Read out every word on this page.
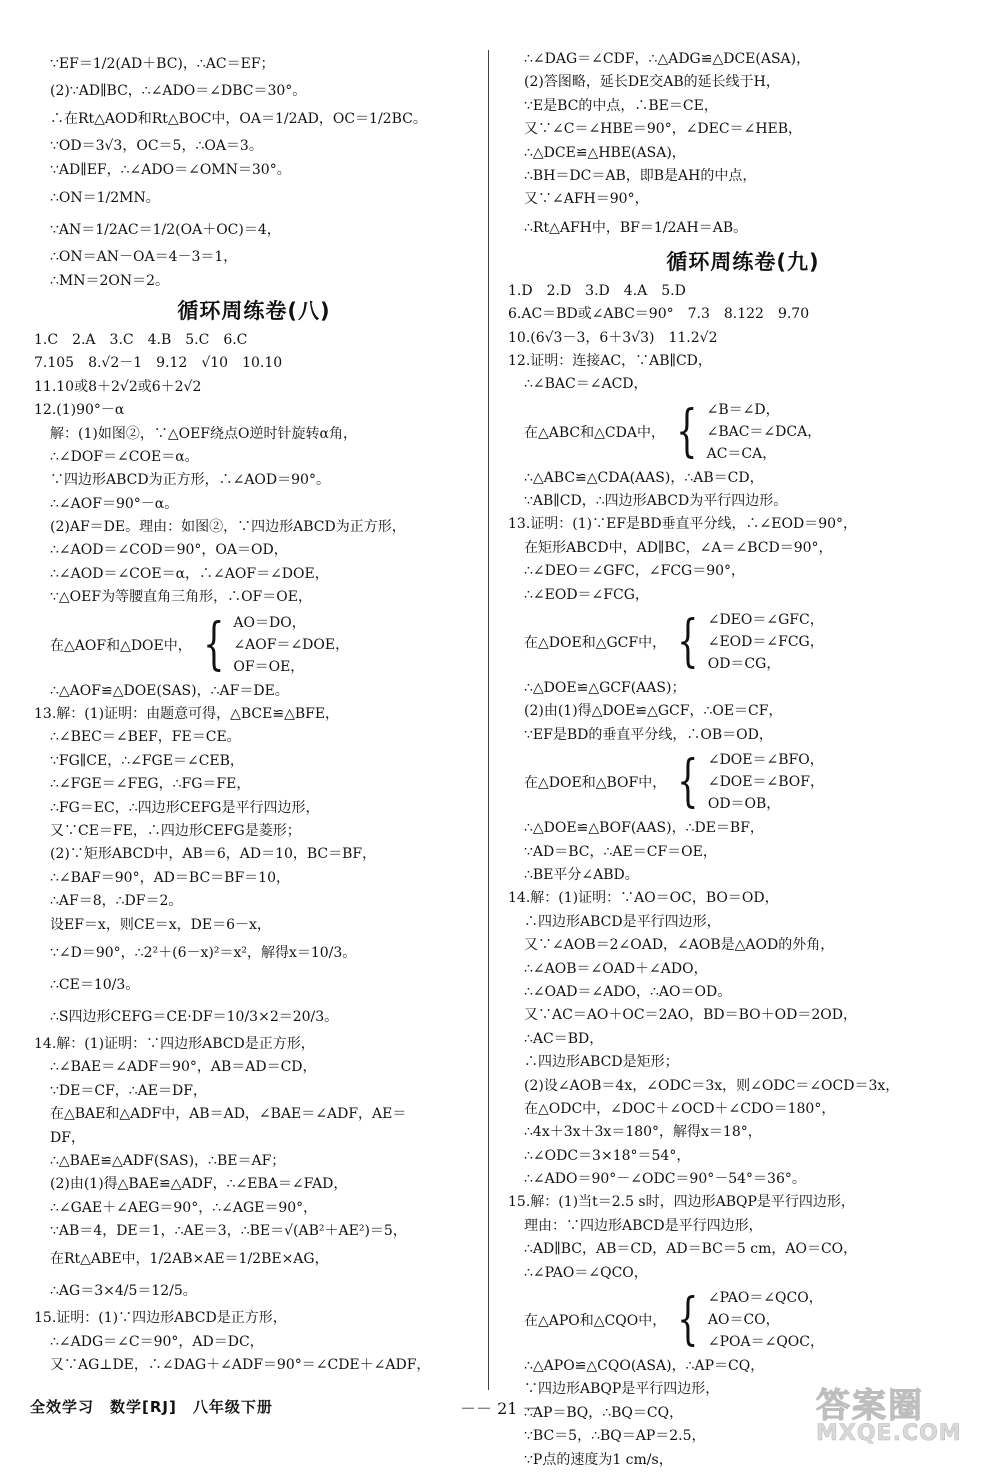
∵EF＝1/2(AD＋BC)，∴AC＝EF；
(2)∵AD∥BC，∴∠ADO＝∠DBC＝30°。
∴在Rt△AOD和Rt△BOC中，OA＝1/2AD，OC＝1/2BC。
∵OD＝3√3，OC＝5，∴OA＝3。
∵AD∥EF，∴∠ADO＝∠OMN＝30°。
∴ON＝1/2MN。
∵AN＝1/2AC＝1/2(OA＋OC)＝4，
∴ON＝AN－OA＝4－3＝1，
∴MN＝2ON＝2。
循环周练卷(八)
1.C　2.A　3.C　4.B　5.C　6.C
7.105　8.√2－1　9.12　√10　10.10
11.10或8＋2√2或6＋2√2
12.(1)90°－α
解：(1)如图②，∵△OEF绕点O逆时针旋转α角，
∴∠DOF＝∠COE＝α。
∵四边形ABCD为正方形，∴∠AOD＝90°。
∴∠AOF＝90°－α。
(2)AF＝DE。理由：如图②，∵四边形ABCD为正方形，
∴∠AOD＝∠COD＝90°，OA＝OD，
∴∠AOD＝∠COE＝α，∴∠AOF＝∠DOE，
∵△OEF为等腰直角三角形，∴OF＝OE，
在△AOF和△DOE中， { AO＝DO，
∠AOF＝∠DOE，
OF＝OE，
∴△AOF≌△DOE(SAS)，∴AF＝DE。
13.解：(1)证明：由题意可得，△BCE≌△BFE，
∴∠BEC＝∠BEF，FE＝CE。
∵FG∥CE，∴∠FGE＝∠CEB，
∴∠FGE＝∠FEG，∴FG＝FE，
∴FG＝EC，∴四边形CEFG是平行四边形，
又∵CE＝FE，∴四边形CEFG是菱形；
(2)∵矩形ABCD中，AB＝6，AD＝10，BC＝BF，
∴∠BAF＝90°，AD＝BC＝BF＝10，
∴AF＝8，∴DF＝2。
设EF＝x，则CE＝x，DE＝6－x，
∵∠D＝90°，∴2²＋(6－x)²＝x²，解得x＝10/3。
∴CE＝10/3。
∴S四边形CEFG＝CE·DF＝10/3×2＝20/3。
14.解：(1)证明：∵四边形ABCD是正方形，
∴∠BAE＝∠ADF＝90°，AB＝AD＝CD，
∵DE＝CF，∴AE＝DF，
在△BAE和△ADF中，AB＝AD，∠BAE＝∠ADF，AE＝
DF，
∴△BAE≌△ADF(SAS)，∴BE＝AF；
(2)由(1)得△BAE≌△ADF，∴∠EBA＝∠FAD，
∴∠GAE＋∠AEG＝90°，∴∠AGE＝90°，
∵AB＝4，DE＝1，∴AE＝3，∴BE＝√(AB²＋AE²)＝5，
在Rt△ABE中，1/2AB×AE＝1/2BE×AG，
∴AG＝3×4/5＝12/5。
15.证明：(1)∵四边形ABCD是正方形，
∴∠ADG＝∠C＝90°，AD＝DC，
又∵AG⊥DE，∴∠DAG＋∠ADF＝90°＝∠CDE＋∠ADF，
∴∠DAG＝∠CDF，∴△ADG≌△DCE(ASA)，
(2)答图略，延长DE交AB的延长线于H，
∵E是BC的中点，∴BE＝CE，
又∵∠C＝∠HBE＝90°，∠DEC＝∠HEB，
∴△DCE≌△HBE(ASA)，
∴BH＝DC＝AB，即B是AH的中点，
又∵∠AFH＝90°，
∴Rt△AFH中，BF＝1/2AH＝AB。
循环周练卷(九)
1.D　2.D　3.D　4.A　5.D
6.AC＝BD或∠ABC＝90°　7.3　8.122　9.70
10.(6√3－3，6＋3√3)　11.2√2
12.证明：连接AC，∵AB∥CD，
∴∠BAC＝∠ACD，
在△ABC和△CDA中， { ∠B＝∠D，
∠BAC＝∠DCA，
AC＝CA，
∴△ABC≌△CDA(AAS)，∴AB＝CD，
∵AB∥CD，∴四边形ABCD为平行四边形。
13.证明：(1)∵EF是BD垂直平分线，∴∠EOD＝90°，
在矩形ABCD中，AD∥BC，∠A＝∠BCD＝90°，
∴∠DEO＝∠GFC，∠FCG＝90°，
∴∠EOD＝∠FCG，
在△DOE和△GCF中， { ∠DEO＝∠GFC，
∠EOD＝∠FCG，
OD＝CG，
∴△DOE≌△GCF(AAS)；
(2)由(1)得△DOE≌△GCF，∴OE＝CF，
∵EF是BD的垂直平分线，∴OB＝OD，
在△DOE和△BOF中， { ∠DOE＝∠BFO，
∠DOE＝∠BOF，
OD＝OB，
∴△DOE≌△BOF(AAS)，∴DE＝BF，
∵AD＝BC，∴AE＝CF＝OE，
∴BE平分∠ABD。
14.解：(1)证明：∵AO＝OC，BO＝OD，
∴四边形ABCD是平行四边形，
又∵∠AOB＝2∠OAD，∠AOB是△AOD的外角，
∴∠AOB＝∠OAD＋∠ADO，
∴∠OAD＝∠ADO，∴AO＝OD。
又∵AC＝AO＋OC＝2AO，BD＝BO＋OD＝2OD，
∴AC＝BD，
∴四边形ABCD是矩形；
(2)设∠AOB＝4x，∠ODC＝3x，则∠ODC＝∠OCD＝3x，
在△ODC中，∠DOC＋∠OCD＋∠CDO＝180°，
∴4x＋3x＋3x＝180°，解得x＝18°，
∴∠ODC＝3×18°＝54°，
∴∠ADO＝90°－∠ODC＝90°－54°＝36°。
15.解：(1)当t＝2.5 s时，四边形ABQP是平行四边形，
理由：∵四边形ABCD是平行四边形，
∴AD∥BC，AB＝CD，AD＝BC＝5 cm，AO＝CO，
∴∠PAO＝∠QCO，
在△APO和△CQO中， { ∠PAO＝∠QCO，
AO＝CO，
∠POA＝∠QOC，
∴△APO≌△CQO(ASA)，∴AP＝CQ，
∵四边形ABQP是平行四边形，
∴AP＝BQ，∴BQ＝CQ，
∵BC＝5，∴BQ＝AP＝2.5，
∵P点的速度为1 cm/s，
全效学习　数学[RJ]　八年级下册	－－ 21 －	答案圈
MXQE.COM
